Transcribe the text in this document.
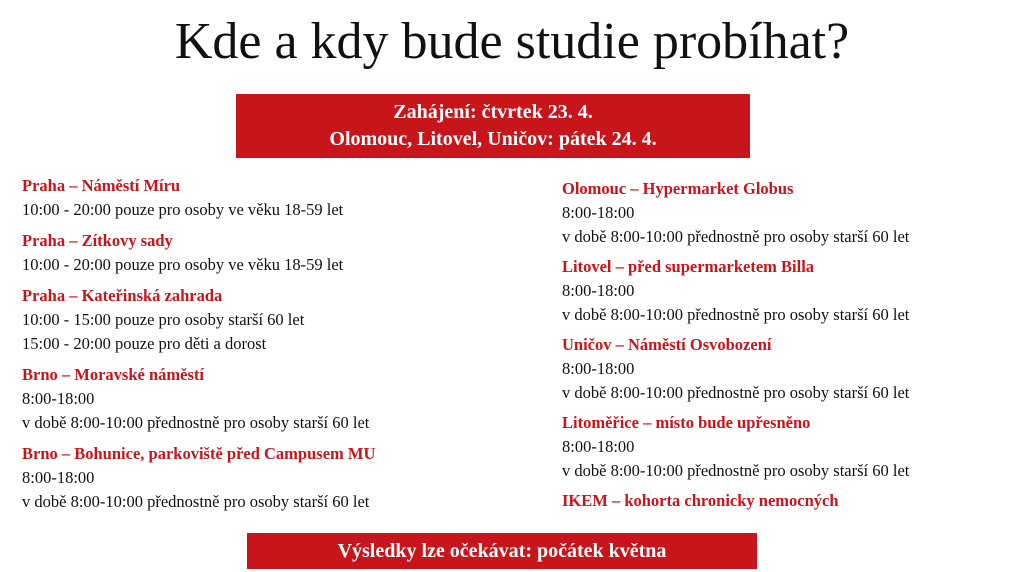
Kde a kdy bude studie probíhat?
Zahájení: čtvrtek 23. 4.
Olomouc, Litovel, Uničov: pátek 24. 4.
Praha – Náměstí Míru
10:00 - 20:00 pouze pro osoby ve věku 18-59 let
Praha – Zítkovy sady
10:00 - 20:00 pouze pro osoby ve věku 18-59 let
Praha – Kateřinská zahrada
10:00 - 15:00 pouze pro osoby starší 60 let
15:00 - 20:00 pouze pro děti a dorost
Brno – Moravské náměstí
8:00-18:00
v době 8:00-10:00 přednostně pro osoby starší 60 let
Brno – Bohunice, parkoviště před Campusem MU
8:00-18:00
v době 8:00-10:00 přednostně pro osoby starší 60 let
Olomouc – Hypermarket Globus
8:00-18:00
v době 8:00-10:00 přednostně pro osoby starší 60 let
Litovel – před supermarketem Billa
8:00-18:00
v době 8:00-10:00 přednostně pro osoby starší 60 let
Uničov – Náměstí Osvobození
8:00-18:00
v době 8:00-10:00 přednostně pro osoby starší 60 let
Litoměřice – místo bude upřesněno
8:00-18:00
v době 8:00-10:00 přednostně pro osoby starší 60 let
IKEM – kohorta chronicky nemocných
Výsledky lze očekávat: počátek května
